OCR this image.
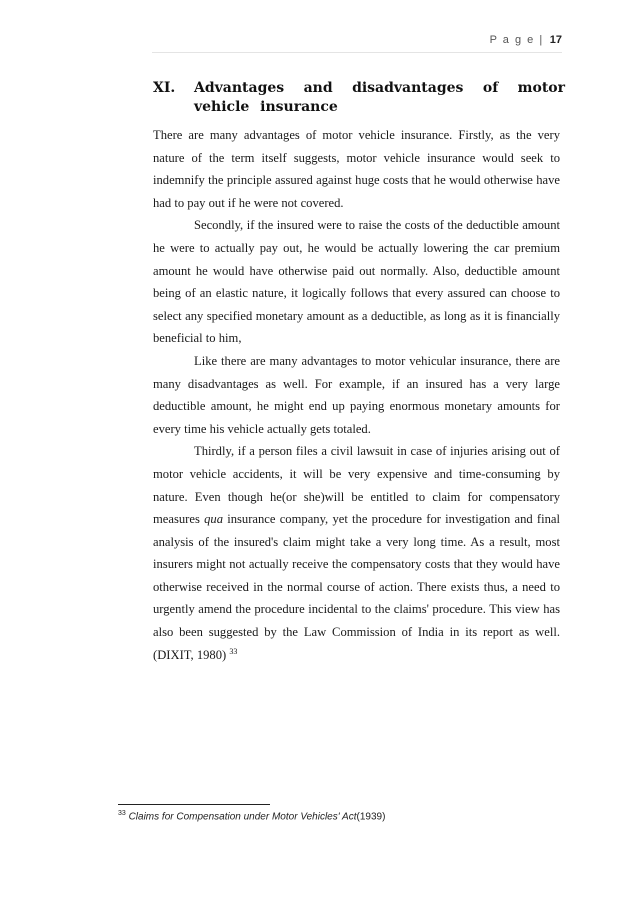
P a g e | 17
XI. Advantages and disadvantages of motor vehicle insurance

There are many advantages of motor vehicle insurance. Firstly, as the very nature of the term itself suggests, motor vehicle insurance would seek to indemnify the principle assured against huge costs that he would otherwise have had to pay out if he were not covered.

Secondly, if the insured were to raise the costs of the deductible amount he were to actually pay out, he would be actually lowering the car premium amount he would have otherwise paid out normally. Also, deductible amount being of an elastic nature, it logically follows that every assured can choose to select any specified monetary amount as a deductible, as long as it is financially beneficial to him,

Like there are many advantages to motor vehicular insurance, there are many disadvantages as well. For example, if an insured has a very large deductible amount, he might end up paying enormous monetary amounts for every time his vehicle actually gets totaled.

Thirdly, if a person files a civil lawsuit in case of injuries arising out of motor vehicle accidents, it will be very expensive and time-consuming by nature. Even though he(or she)will be entitled to claim for compensatory measures qua insurance company, yet the procedure for investigation and final analysis of the insured's claim might take a very long time. As a result, most insurers might not actually receive the compensatory costs that they would have otherwise received in the normal course of action. There exists thus, a need to urgently amend the procedure incidental to the claims' procedure. This view has also been suggested by the Law Commission of India in its report as well. (DIXIT, 1980) $^{33}$

$^{33}$ Claims for Compensation under Motor Vehicles' Act(1939)
